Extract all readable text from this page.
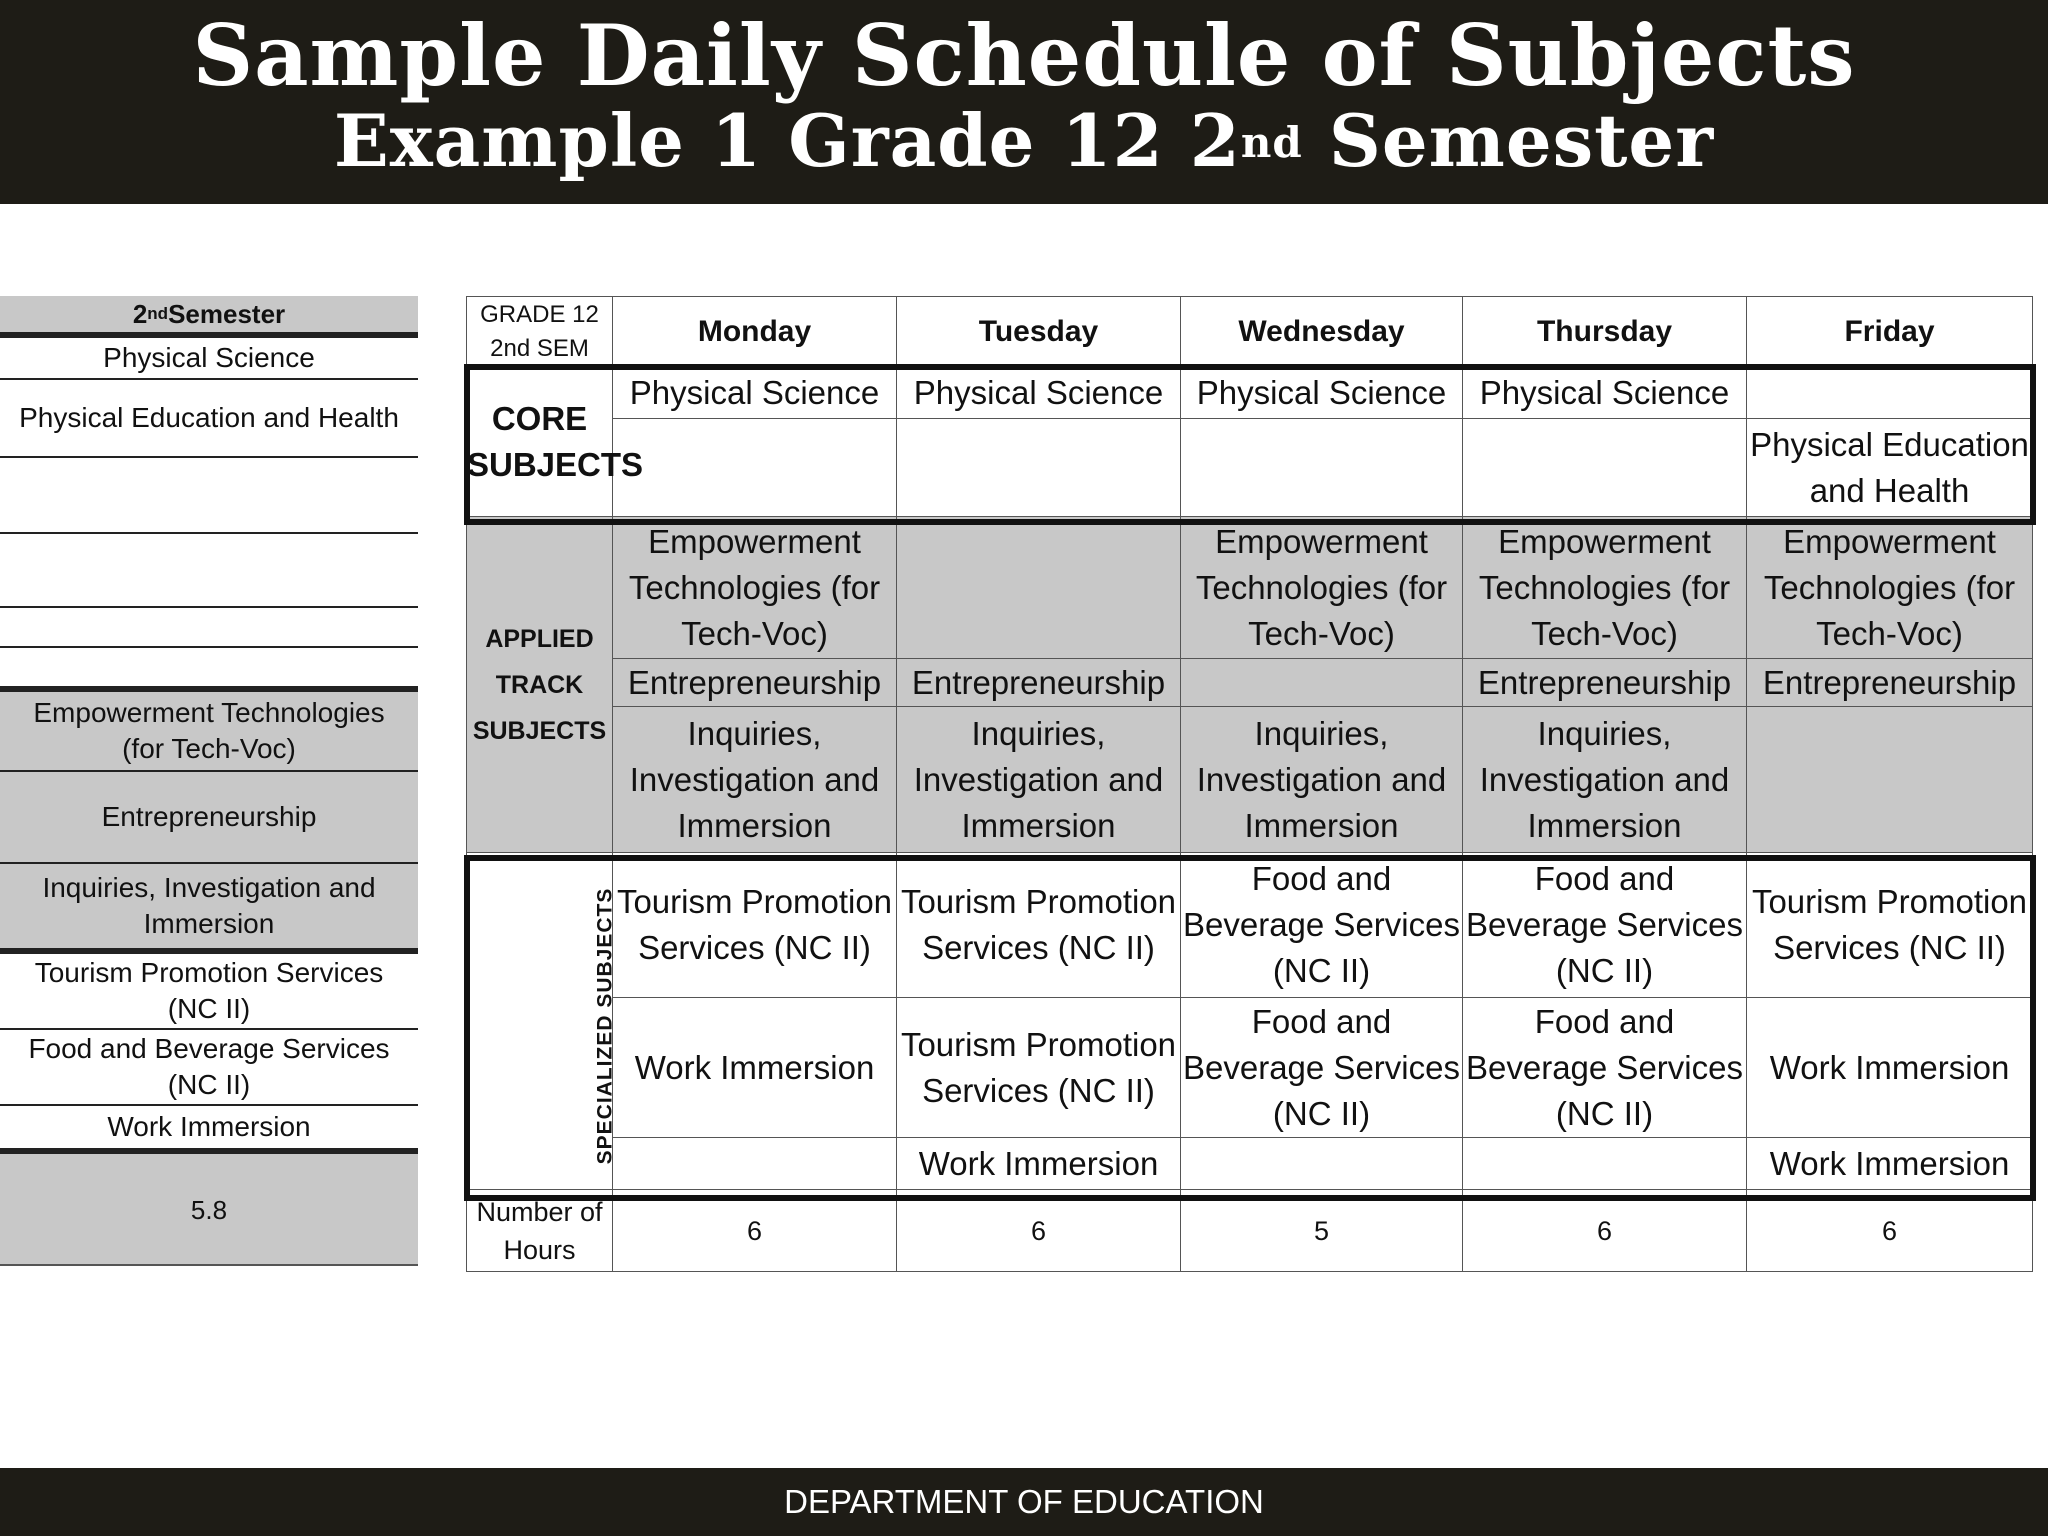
Sample Daily Schedule of Subjects
Example 1 Grade 12 2nd Semester
2 nd Semester
Physical Science
Physical Education and Health
Empowerment Technologies (for Tech-Voc)
Entrepreneurship
Inquiries, Investigation and Immersion
Tourism Promotion Services (NC II)
Food and Beverage Services (NC II)
Work Immersion
5.8
GRADE 12 2nd SEM	Monday	Tuesday	Wednesday	Thursday	Friday
CORE SUBJECTS	Physical Science	Physical Science	Physical Science	Physical Science	
					Physical Education and Health
APPLIED TRACK SUBJECTS	Empowerment Technologies (for Tech-Voc)		Empowerment Technologies (for Tech-Voc)	Empowerment Technologies (for Tech-Voc)	Empowerment Technologies (for Tech-Voc)
	Entrepreneurship	Entrepreneurship		Entrepreneurship	Entrepreneurship
	Inquiries, Investigation and Immersion	Inquiries, Investigation and Immersion	Inquiries, Investigation and Immersion	Inquiries, Investigation and Immersion	
SPECIALIZED SUBJECTS	Tourism Promotion Services (NC II)	Tourism Promotion Services (NC II)	Food and Beverage Services (NC II)	Food and Beverage Services (NC II)	Tourism Promotion Services (NC II)
	Work Immersion	Tourism Promotion Services (NC II)	Food and Beverage Services (NC II)	Food and Beverage Services (NC II)	Work Immersion
		Work Immersion			Work Immersion
Number of Hours	6	6	5	6	6
DEPARTMENT OF EDUCATION
